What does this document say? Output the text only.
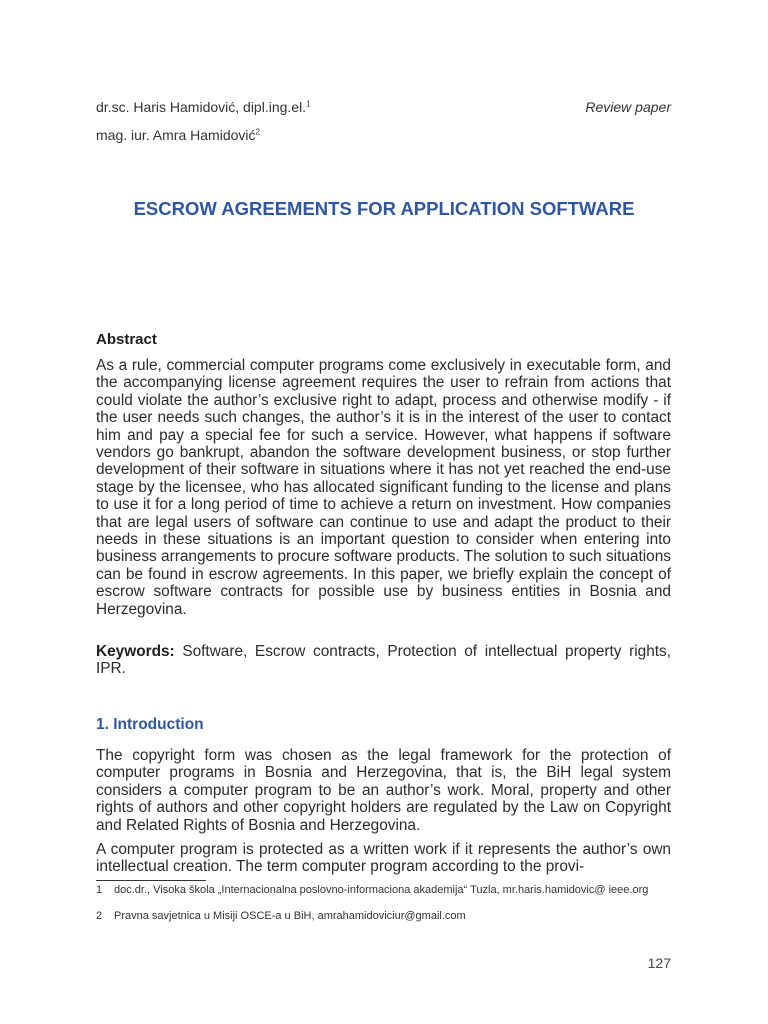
dr.sc. Haris Hamidović, dipl.ing.el.$^1$
mag. iur. Amra Hamidović$^2$
Review paper
ESCROW AGREEMENTS FOR APPLICATION SOFTWARE
Abstract

As a rule, commercial computer programs come exclusively in executable form, and the accompanying license agreement requires the user to refrain from actions that could violate the author’s exclusive right to adapt, process and otherwise modify - if the user needs such changes, the author’s it is in the interest of the user to contact him and pay a special fee for such a service. However, what happens if software vendors go bankrupt, abandon the software development business, or stop further development of their software in situations where it has not yet reached the end-use stage by the licensee, who has allocated significant funding to the license and plans to use it for a long period of time to achieve a return on investment. How companies that are legal users of software can continue to use and adapt the product to their needs in these situations is an important question to consider when entering into business arrangements to procure software products. The solution to such situations can be found in escrow agreements. In this paper, we briefly explain the concept of escrow software contracts for possible use by business entities in Bosnia and Herzegovina.

Keywords: Software, Escrow contracts, Protection of intellectual property rights, IPR.

1. Introduction

The copyright form was chosen as the legal framework for the protection of computer programs in Bosnia and Herzegovina, that is, the BiH legal system considers a computer program to be an author’s work. Moral, property and other rights of authors and other copyright holders are regulated by the Law on Copyright and Related Rights of Bosnia and Herzegovina.

A computer program is protected as a written work if it represents the author’s own intellectual creation. The term computer program according to the provi-

1 doc.dr., Visoka škola „Internacionalna poslovno-informaciona akademija“ Tuzla, mr.haris.hamidovic@ ieee.org
2 Pravna savjetnica u Misiji OSCE-a u BiH, amrahamidoviciur@gmail.com
127
